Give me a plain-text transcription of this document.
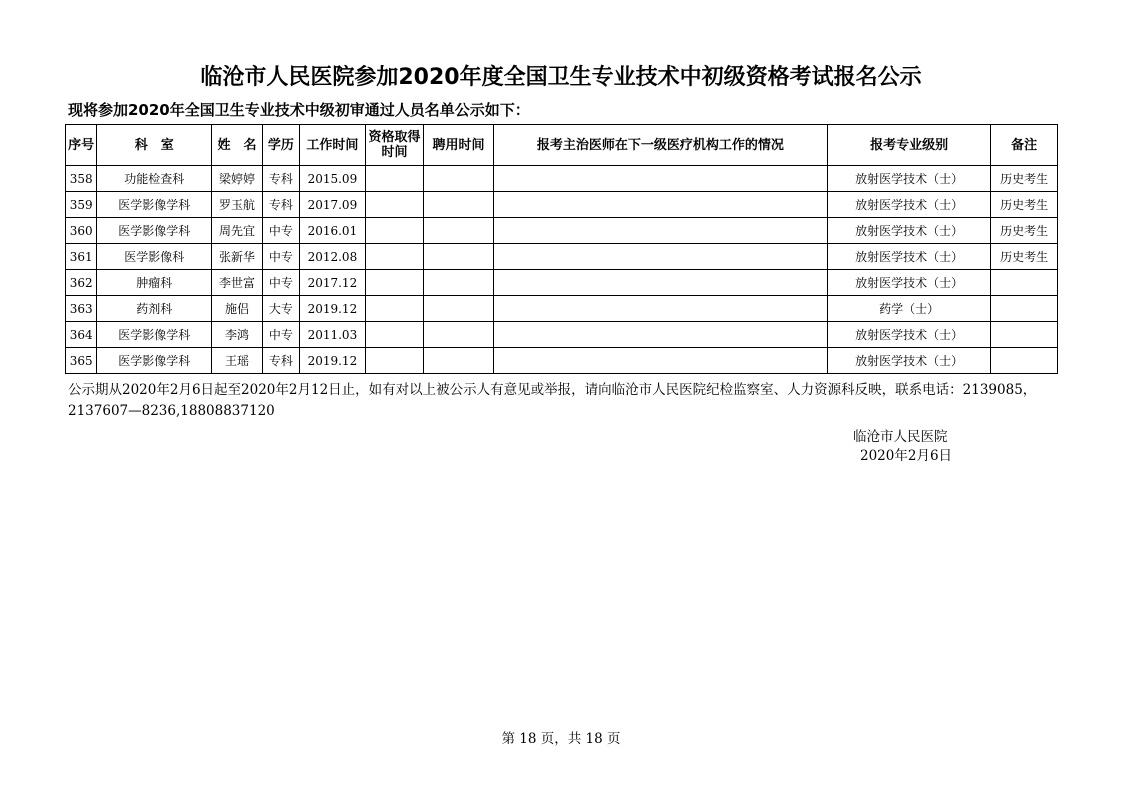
临沧市人民医院参加2020年度全国卫生专业技术中初级资格考试报名公示
现将参加2020年全国卫生专业技术中级初审通过人员名单公示如下：
序号	科　室	姓　名	学历	工作时间	资格取得时间	聘用时间	报考主治医师在下一级医疗机构工作的情况	报考专业级别	备注
358	功能检查科	梁婷婷	专科	2015.09				放射医学技术（士）	历史考生
359	医学影像学科	罗玉航	专科	2017.09				放射医学技术（士）	历史考生
360	医学影像学科	周先宜	中专	2016.01				放射医学技术（士）	历史考生
361	医学影像科	张新华	中专	2012.08				放射医学技术（士）	历史考生
362	肿瘤科	李世富	中专	2017.12				放射医学技术（士）	
363	药剂科	施侣	大专	2019.12				药学（士）	
364	医学影像学科	李鸿	中专	2011.03				放射医学技术（士）	
365	医学影像学科	王瑶	专科	2019.12				放射医学技术（士）	
公示期从2020年2月6日起至2020年2月12日止，如有对以上被公示人有意见或举报，请向临沧市人民医院纪检监察室、人力资源科反映，联系电话：2139085，2137607—8236,18808837120
临沧市人民医院
2020年2月6日
第 18 页，共 18 页
